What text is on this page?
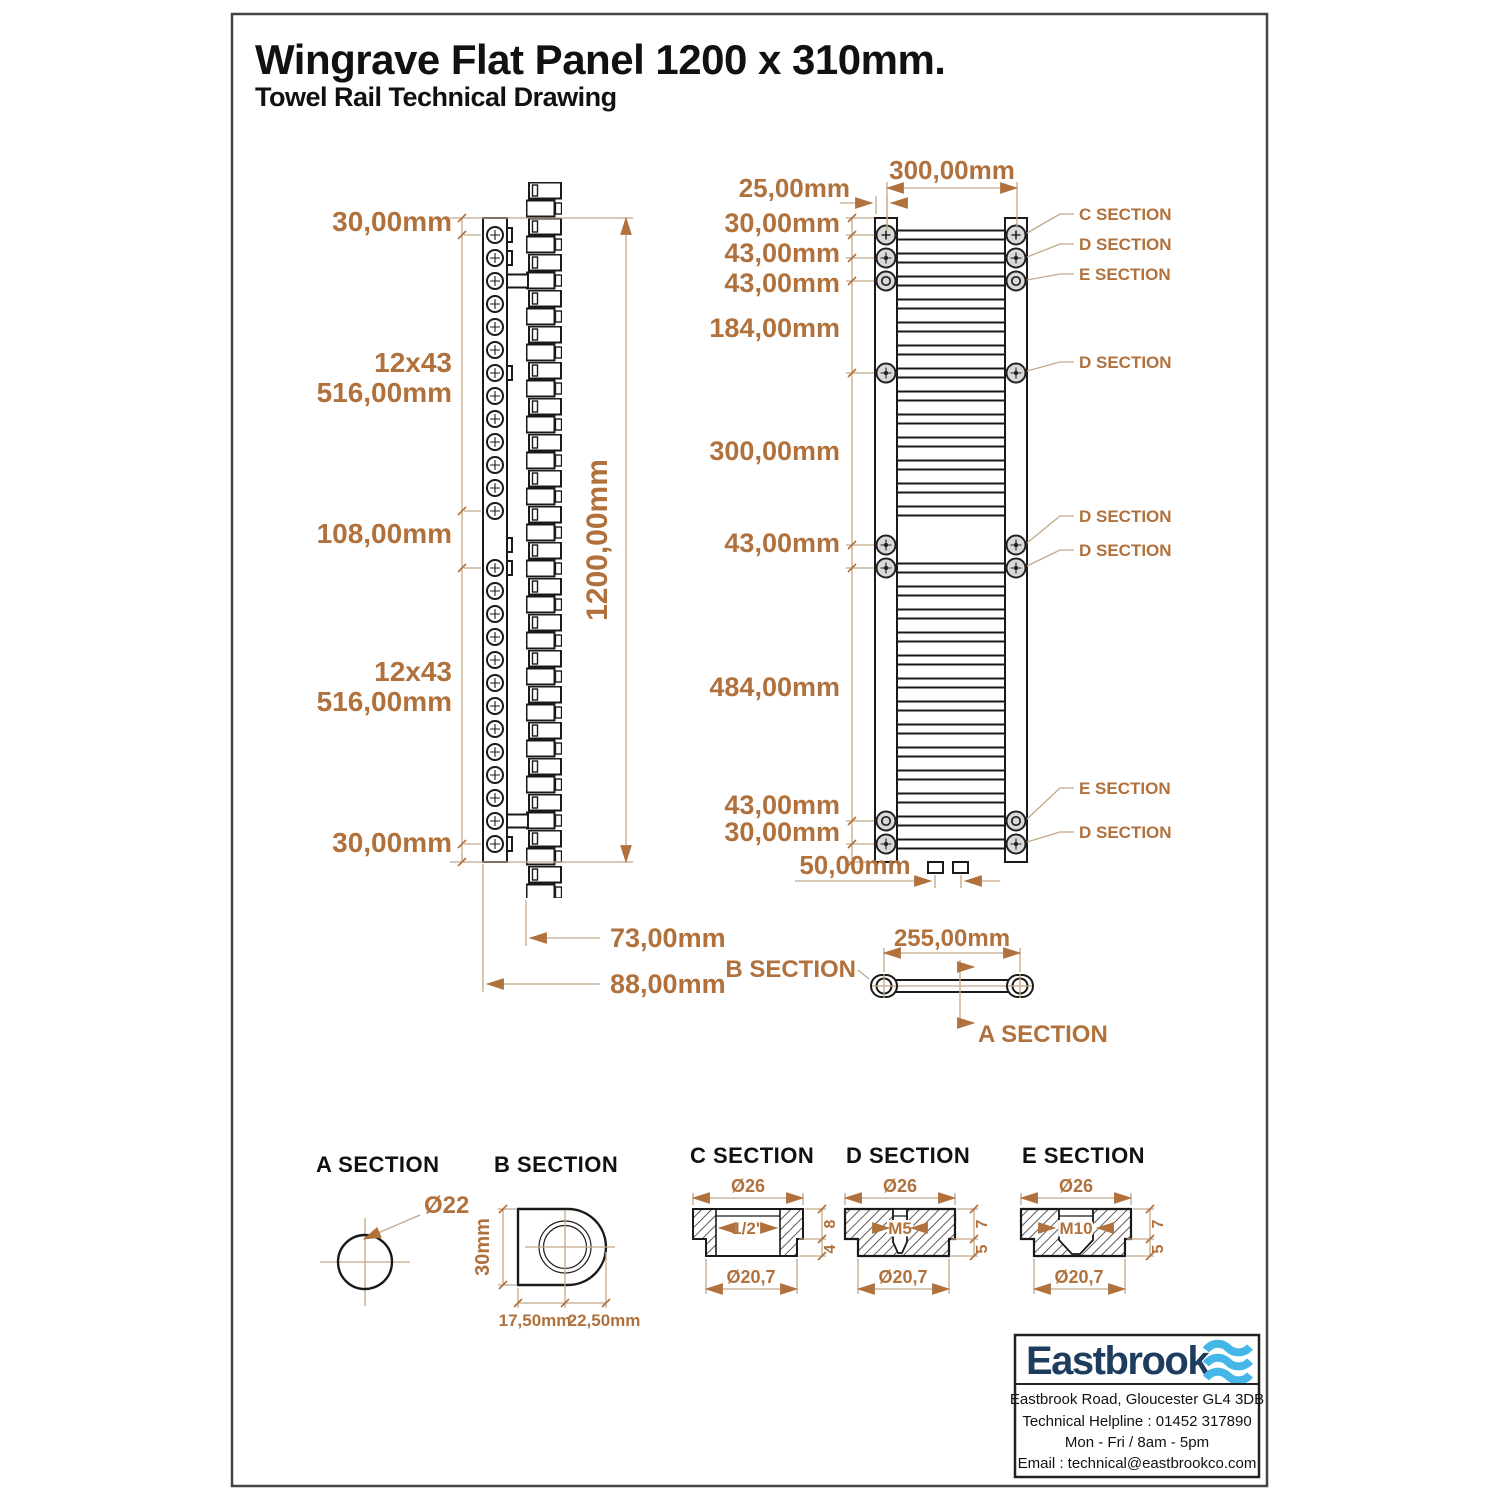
Wingrave Flat Panel 1200 x 310mm.
Towel Rail Technical Drawing
30,00mm
12x43
516,00mm
108,00mm
12x43
516,00mm
30,00mm
1200,00mm
73,00mm
88,00mm
300,00mm
25,00mm
30,00mm
43,00mm
43,00mm
184,00mm
300,00mm
43,00mm
484,00mm
43,00mm
30,00mm
50,00mm
C SECTION
D SECTION
E SECTION
D SECTION
D SECTION
D SECTION
E SECTION
D SECTION
255,00mm
B SECTION
A SECTION
A SECTION
Ø22
B SECTION
30mm
17,50mm
22,50mm
C SECTION
1/2"
Ø26
8
4
Ø20,7
D SECTION
M5
Ø26
7
5
Ø20,7
E SECTION
M10
Ø26
7
5
Ø20,7
Eastbrook
Eastbrook Road, Gloucester GL4 3DB
Technical Helpline : 01452 317890
Mon - Fri / 8am - 5pm
Email : technical@eastbrookco.com
